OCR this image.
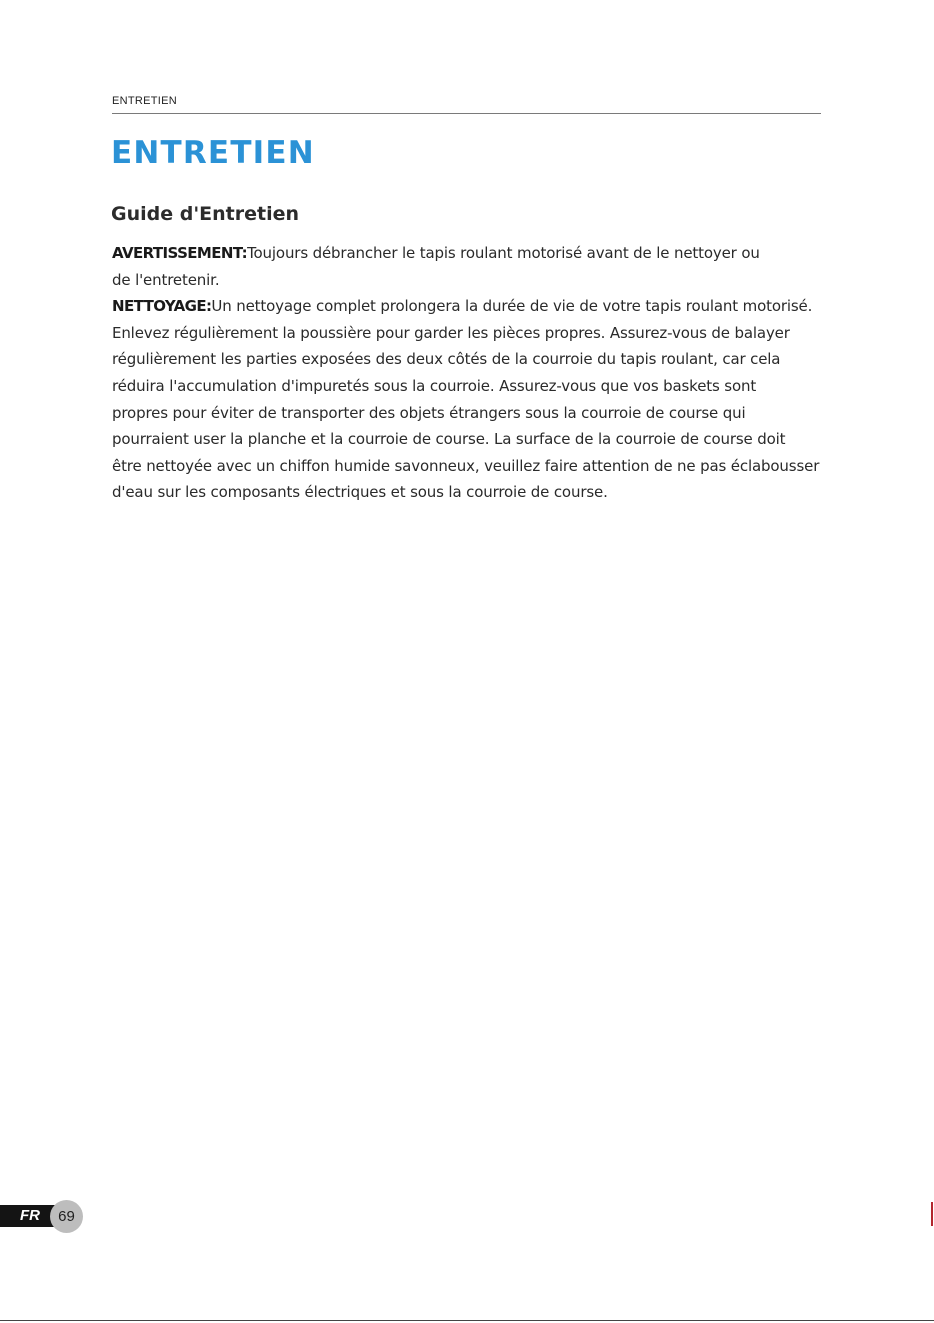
ENTRETIEN
ENTRETIEN
Guide d'Entretien
AVERTISSEMENT:Toujours débrancher le tapis roulant motorisé avant de le nettoyer ou
de l'entretenir.
NETTOYAGE:Un nettoyage complet prolongera la durée de vie de votre tapis roulant motorisé.
Enlevez régulièrement la poussière pour garder les pièces propres. Assurez-vous de balayer
régulièrement les parties exposées des deux côtés de la courroie du tapis roulant, car cela
réduira l'accumulation d'impuretés sous la courroie. Assurez-vous que vos baskets sont
propres pour éviter de transporter des objets étrangers sous la courroie de course qui
pourraient user la planche et la courroie de course. La surface de la courroie de course doit
être nettoyée avec un chiffon humide savonneux, veuillez faire attention de ne pas éclabousser
d'eau sur les composants électriques et sous la courroie de course.
FR	69
